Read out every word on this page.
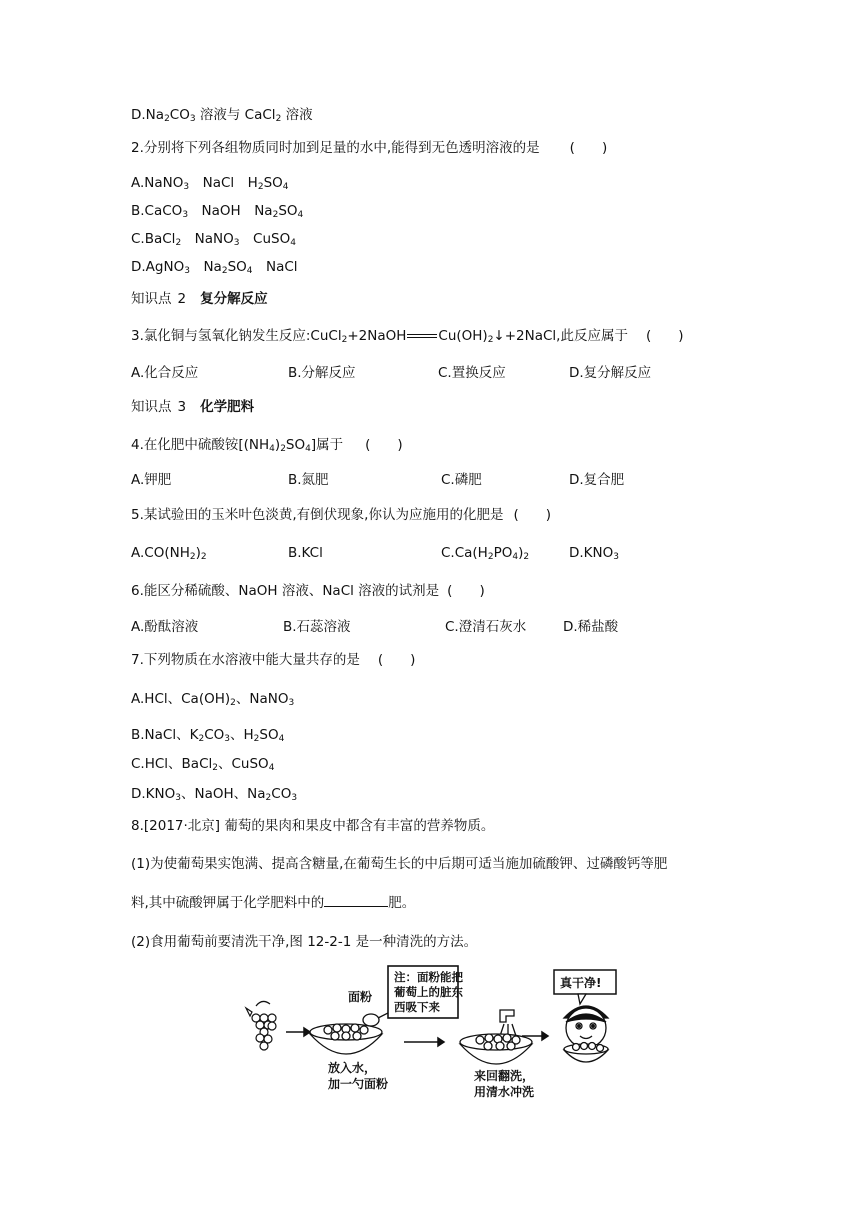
$D.Na_2CO_3$ 溶液与 CaCl$_2$ 溶液
2.分别将下列各组物质同时加到足量的水中,能得到无色透明溶液的是 (　　)
A.NaNO$_3$　NaCl　$H_2SO_4$
B.CaCO$_3$　NaOH　$Na_2SO_4$
C.BaCl$_2$　NaNO$_3$　CuSO$_4$
D.AgNO$_3$　$Na_2SO_4$　NaCl
知识点 2 复分解反应
3.氯化铜与氢氧化钠发生反应:CuCl$_2$+2NaOH $Cu(OH)_2↓+2NaCl$,此反应属于 (　　)
A.化合反应	B.分解反应	C.置换反应	D.复分解反应
知识点 3 化学肥料
4.在化肥中硫酸铵$[(NH_4)_2SO_4]$属于 (　　)
A.钾肥	B.氮肥	C.磷肥	D.复合肥
5.某试验田的玉米叶色淡黄,有倒伏现象,你认为应施用的化肥是 (　　)
$A.CO(NH_2)_2$	B.KCl	$C.Ca(H_2PO_4)_2$	$D.KNO_3$
6.能区分稀硫酸、NaOH 溶液、NaCl 溶液的试剂是 (　　)
A.酚酞溶液	B.石蕊溶液	C.澄清石灰水	D.稀盐酸
7.下列物质在水溶液中能大量共存的是 (　　)
A.HCl、$Ca(OH)_2$、NaNO$_3$
B.NaCl、$K_2CO_3$、$H_2SO_4$
C.HCl、BaCl$_2$、CuSO$_4$
$D.KNO_3$、NaOH、$Na_2CO_3$
8.[2017·北京] 葡萄的果肉和果皮中都含有丰富的营养物质。
(1)为使葡萄果实饱满、提高含糖量,在葡萄生长的中后期可适当施加硫酸钾、过磷酸钙等肥
料,其中硫酸钾属于化学肥料中的	肥。
(2)食用葡萄前要清洗干净,图 12-2-1 是一种清洗的方法。
面粉
注：面粉能把
葡萄上的脏东
西吸下来
放入水，
加一勺面粉
来回翻洗，
用清水冲洗
真干净!
